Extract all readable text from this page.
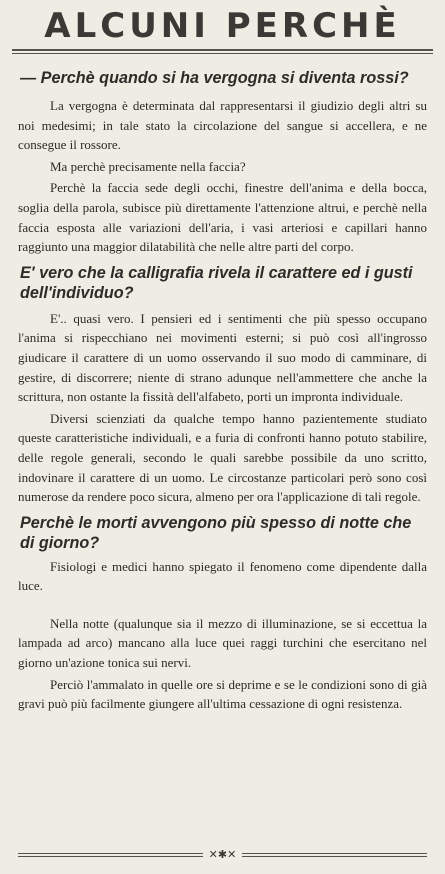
ALCUNI PERCHÈ

— Perchè quando si ha vergogna si diventa rossi?

La vergogna è determinata dal rappresentarsi il giudizio degli altri su noi medesimi; in tale stato la circolazione del sangue si accellera, e ne consegue il rossore.

Ma perchè precisamente nella faccia?

Perchè la faccia sede degli occhi, finestre dell'anima e della bocca, soglia della parola, subisce più direttamente l'attenzione altrui, e perchè nella faccia esposta alle variazioni dell'aria, i vasi arteriosi e capillari hanno raggiunto una maggior dilatabilità che nelle altre parti del corpo.

E' vero che la calligrafia rivela il carattere ed i gusti dell'individuo?

E'.. quasi vero. I pensieri ed i sentimenti che più spesso occupano l'anima si rispecchiano nei movimenti esterni; si può così all'ingrosso giudicare il carattere di un uomo osservando il suo modo di camminare, di gestire, di discorrere; niente di strano adunque nell'ammettere che anche la scrittura, non ostante la fissità dell'alfabeto, porti un impronta individuale.

Diversi scienziati da qualche tempo hanno pazientemente studiato queste caratteristiche individuali, e a furia di confronti hanno potuto stabilire, delle regole generali, secondo le quali sarebbe possibile da uno scritto, indovinare il carattere di un uomo. Le circostanze particolari però sono così numerose da rendere poco sicura, almeno per ora l'applicazione di tali regole.

Perchè le morti avvengono più spesso di notte che di giorno?

Fisiologi e medici hanno spiegato il fenomeno come dipendente dalla luce.

Nella notte (qualunque sia il mezzo di illuminazione, se si eccettua la lampada ad arco) mancano alla luce quei raggi turchini che esercitano nel giorno un'azione tonica sui nervi.

Perciò l'ammalato in quelle ore si deprime e se le condizioni sono di già gravi può più facilmente giungere all'ultima cessazione di ogni resistenza.

✕✱✕
